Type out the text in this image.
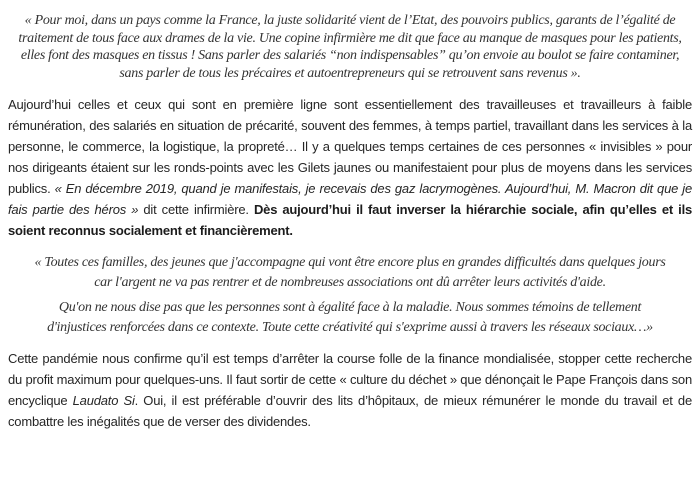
« Pour moi, dans un pays comme la France, la juste solidarité vient de l’Etat, des pouvoirs publics, garants de l’égalité de traitement de tous face aux drames de la vie. Une copine infirmière me dit que face au manque de masques pour les patients, elles font des masques en tissus ! Sans parler des salariés “non indispensables” qu’on envoie au boulot se faire contaminer, sans parler de tous les précaires et autoentrepreneurs qui se retrouvent sans revenus ».

Aujourd’hui celles et ceux qui sont en première ligne sont essentiellement des travailleuses et travailleurs à faible rémunération, des salariés en situation de précarité, souvent des femmes, à temps partiel, travaillant dans les services à la personne, le commerce, la logistique, la propreté… Il y a quelques temps certaines de ces personnes « invisibles » pour nos dirigeants étaient sur les ronds-points avec les Gilets jaunes ou manifestaient pour plus de moyens dans les services publics. « En décembre 2019, quand je manifestais, je recevais des gaz lacrymogènes. Aujourd’hui, M. Macron dit que je fais partie des héros » dit cette infirmière. Dès aujourd’hui il faut inverser la hiérarchie sociale, afin qu’elles et ils soient reconnus socialement et financièrement.

« Toutes ces familles, des jeunes que j'accompagne qui vont être encore plus en grandes difficultés dans quelques jours car l'argent ne va pas rentrer et de nombreuses associations ont dû arrêter leurs activités d'aide.

Qu'on ne nous dise pas que les personnes sont à égalité face à la maladie. Nous sommes témoins de tellement d'injustices renforcées dans ce contexte. Toute cette créativité qui s'exprime aussi à travers les réseaux sociaux…»

Cette pandémie nous confirme qu’il est temps d’arrêter la course folle de la finance mondialisée, stopper cette recherche du profit maximum pour quelques-uns. Il faut sortir de cette « culture du déchet » que dénonçait le Pape François dans son encyclique Laudato Si. Oui, il est préférable d’ouvrir des lits d’hôpitaux, de mieux rémunérer le monde du travail et de combattre les inégalités que de verser des dividendes.
